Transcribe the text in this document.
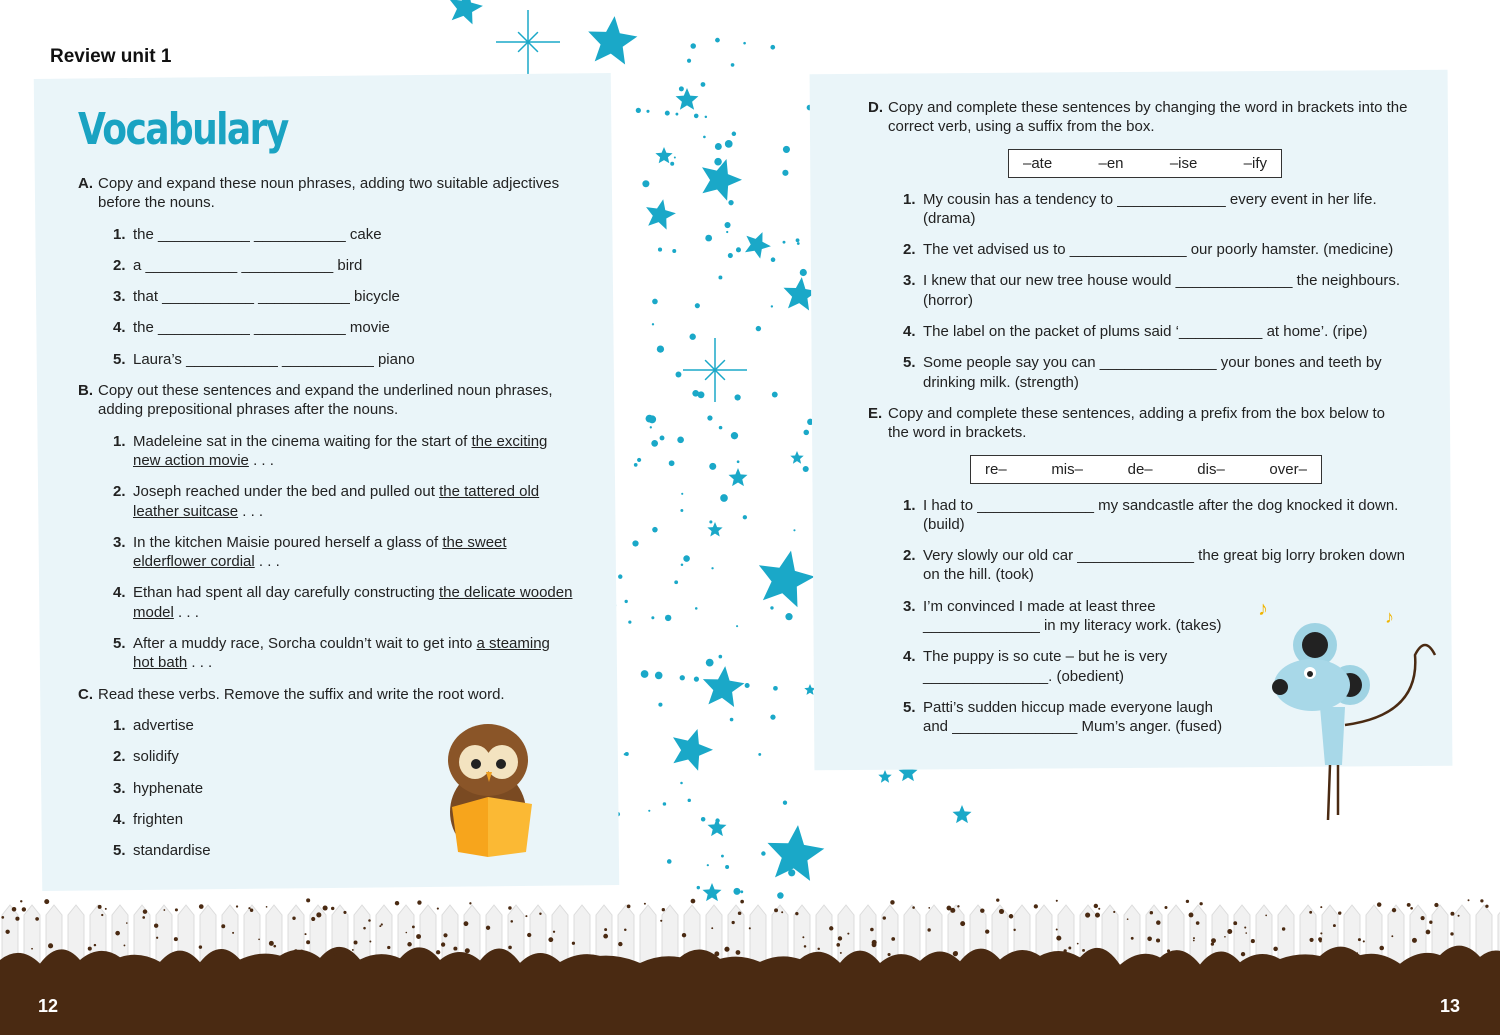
Review unit 1
Vocabulary
A. Copy and expand these noun phrases, adding two suitable adjectives
before the nouns.
1. the ___________ ___________ cake
2. a ___________ ___________ bird
3. that ___________ ___________ bicycle
4. the ___________ ___________ movie
5. Laura’s ___________ ___________ piano
B. Copy out these sentences and expand the underlined noun phrases,
adding prepositional phrases after the nouns.
1. Madeleine sat in the cinema waiting for the start of the exciting
new action movie . . .
2. Joseph reached under the bed and pulled out the tattered old
leather suitcase . . .
3. In the kitchen Maisie poured herself a glass of the sweet
elderflower cordial . . .
4. Ethan had spent all day carefully constructing the delicate wooden
model . . .
5. After a muddy race, Sorcha couldn’t wait to get into a steaming
hot bath . . .
C. Read these verbs. Remove the suffix and write the root word.
1. advertise
2. solidify
3. hyphenate
4. frighten
5. standardise
D. Copy and complete these sentences by changing the word in brackets into the
correct verb, using a suffix from the box.
–ate	–en	–ise	–ify
1. My cousin has a tendency to _____________ every event in her life.
(drama)
2. The vet advised us to ______________ our poorly hamster. (medicine)
3. I knew that our new tree house would ______________ the neighbours.
(horror)
4. The label on the packet of plums said ‘__________ at home’. (ripe)
5. Some people say you can ______________ your bones and teeth by
drinking milk. (strength)
E. Copy and complete these sentences, adding a prefix from the box below to
the word in brackets.
re–	mis–	de–	dis–	over–
1. I had to ______________ my sandcastle after the dog knocked it down.
(build)
2. Very slowly our old car ______________ the great big lorry broken down
on the hill. (took)
3. I’m convinced I made at least three
______________ in my literacy work. (takes)
4. The puppy is so cute – but he is very
_______________. (obedient)
5. Patti’s sudden hiccup made everyone laugh
and _______________ Mum’s anger. (fused)
♪	♪
12	13
